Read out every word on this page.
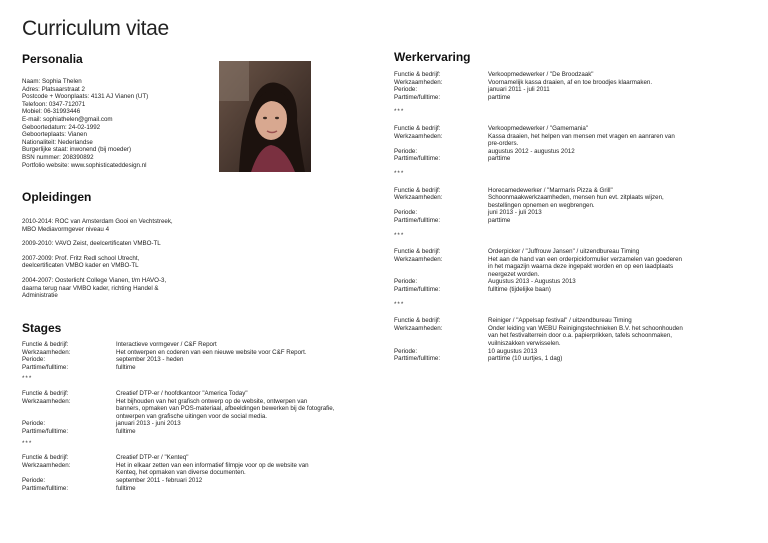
Curriculum vitae
Personalia
Naam: Sophia Thelen
Adres: Platsaarstraat 2
Postcode + Woonplaats: 4131 AJ Vianen (UT)
Telefoon: 0347-712071
Mobiel: 06-31993446
E-mail: sophiathelen@gmail.com
Geboortedatum: 24-02-1992
Geboorteplaats: Vianen
Nationaliteit: Nederlandse
Burgerlijke staat: inwonend (bij moeder)
BSN nummer: 208390892
Portfolio website: www.sophisticateddesign.nl
Opleidingen

2010-2014: ROC van Amsterdam Gooi en Vechtstreek,
MBO Mediavormgever niveau 4

2009-2010: VAVO Zeist, deelcertificaten VMBO-TL

2007-2009: Prof. Fritz Redl school Utrecht,
deelcertificaten VMBO kader en VMBO-TL

2004-2007: Oosterlicht College Vianen, t/m HAVO-3,
daarna terug naar VMBO kader, richting Handel &
Administratie

Stages
Functie & bedrijf:	Interactieve vormgever / C&F Report
Werkzaamheden:	Het ontwerpen en coderen van een nieuwe website voor C&F Report.
Periode:	september 2013 - heden
Parttime/fulltime:	fulltime
***
Functie & bedrijf:	Creatief DTP-er / hoofdkantoor "America Today"
Werkzaamheden:	Het bijhouden van het grafisch ontwerp op de website, ontwerpen van
banners, opmaken van POS-materiaal, afbeeldingen bewerken bij de fotografie,
ontwerpen van grafische uitingen voor de social media.
Periode:	januari 2013 - juni 2013
Parttime/fulltime:	fulltime
***
Functie & bedrijf:	Creatief DTP-er / "Kenteq"
Werkzaamheden:	Het in elkaar zetten van een informatief filmpje voor op de website van
Kenteq, het opmaken van diverse documenten.
Periode:	september 2011 - februari 2012
Parttime/fulltime:	fulltime
Werkervaring
Functie & bedrijf:	Verkoopmedewerker / "De Broodzaak"
Werkzaamheden:	Voornamelijk kassa draaien, af en toe broodjes klaarmaken.
Periode:	januari 2011 - juli 2011
Parttime/fulltime:	parttime
***
Functie & bedrijf:	Verkoopmedewerker / "Gamemania"
Werkzaamheden:	Kassa draaien, het helpen van mensen met vragen en aanraren van
pre-orders.
Periode:	augustus 2012 - augustus 2012
Parttime/fulltime:	parttime
***
Functie & bedrijf:	Horecamedewerker / "Marmaris Pizza & Grill"
Werkzaamheden:	Schoonmaakwerkzaamheden, mensen hun evt. zitplaats wijzen,
bestellingen opnemen en wegbrengen.
Periode:	juni 2013 - juli 2013
Parttime/fulltime:	parttime
***
Functie & bedrijf:	Orderpicker / "Juffrouw Jansen" / uitzendbureau Timing
Werkzaamheden:	Het aan de hand van een orderpickformulier verzamelen van goederen
in het magazijn waarna deze ingepakt worden en op een laadplaats
neergezet worden.
Periode:	Augustus 2013 - Augustus 2013
Parttime/fulltime:	fulltime (tijdelijke baan)
***
Functie & bedrijf:	Reiniger / "Appelsap festival" / uitzendbureau Timing
Werkzaamheden:	Onder leiding van WEBU Reinigingstechnieken B.V. het schoonhouden
van het festivalterrein door o.a. papierprikken, tafels schoonmaken,
vuilniszakken verwisselen.
Periode:	10 augustus 2013
Parttime/fulltime:	parttime (10 uurtjes, 1 dag)
